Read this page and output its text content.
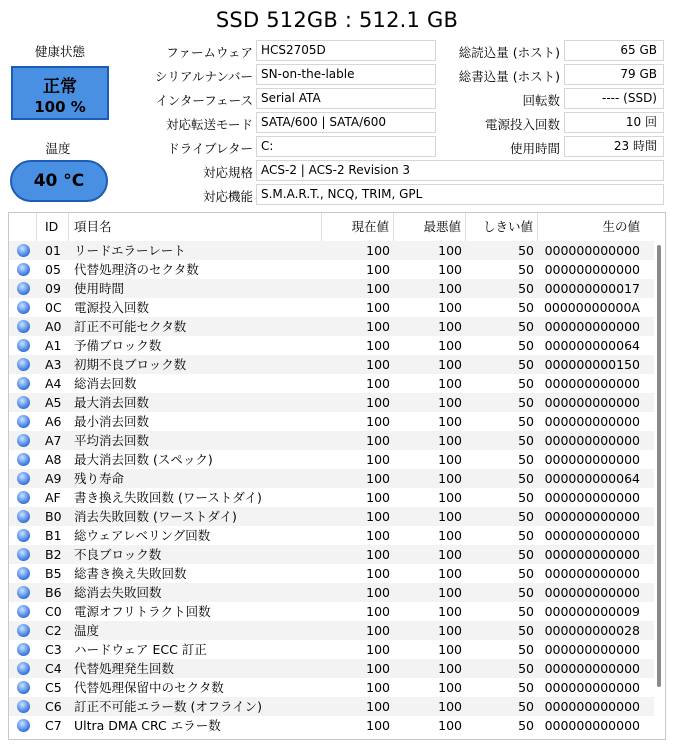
SSD 512GB : 512.1 GB
健康状態
正常
100 %
温度
40 °C
ファームウェア HCS2705D
シリアルナンバー SN-on-the-lable
インターフェース Serial ATA
対応転送モード SATA/600 | SATA/600
ドライブレター C:
総読込量 (ホスト)	65 GB
総書込量 (ホスト)	79 GB
回転数	---- (SSD)
電源投入回数	10 回
使用時間	23 時間
対応規格 ACS-2 | ACS-2 Revision 3
対応機能 S.M.A.R.T., NCQ, TRIM, GPL
ID	項目名	現在値	最悪値	しきい値	生の値
01	リードエラーレート	100	100	50 000000000000
05	代替処理済のセクタ数	100	100	50 000000000000
09	使用時間	100	100	50 000000000017
0C 電源投入回数	100	100	50 00000000000A
A0 訂正不可能セクタ数	100	100	50 000000000000
A1 予備ブロック数	100	100	50 000000000064
A3 初期不良ブロック数	100	100	50 000000000150
A4 総消去回数	100	100	50 000000000000
A5 最大消去回数	100	100	50 000000000000
A6 最小消去回数	100	100	50 000000000000
A7 平均消去回数	100	100	50 000000000000
A8 最大消去回数 (スペック)	100	100	50 000000000000
A9 残り寿命	100	100	50 000000000064
AF	書き換え失敗回数 (ワーストダイ)	100	100	50 000000000000
B0 消去失敗回数 (ワーストダイ)	100	100	50 000000000000
B1 総ウェアレベリング回数	100	100	50 000000000000
B2 不良ブロック数	100	100	50 000000000000
B5 総書き換え失敗回数	100	100	50 000000000000
B6 総消去失敗回数	100	100	50 000000000000
C0 電源オフリトラクト回数	100	100	50 000000000009
C2 温度	100	100	50 000000000028
C3 ハードウェア ECC 訂正	100	100	50 000000000000
C4 代替処理発生回数	100	100	50 000000000000
C5 代替処理保留中のセクタ数	100	100	50 000000000000
C6 訂正不可能エラー数 (オフライン)	100	100	50 000000000000
C7 Ultra DMA CRC エラー数	100	100	50 000000000000
